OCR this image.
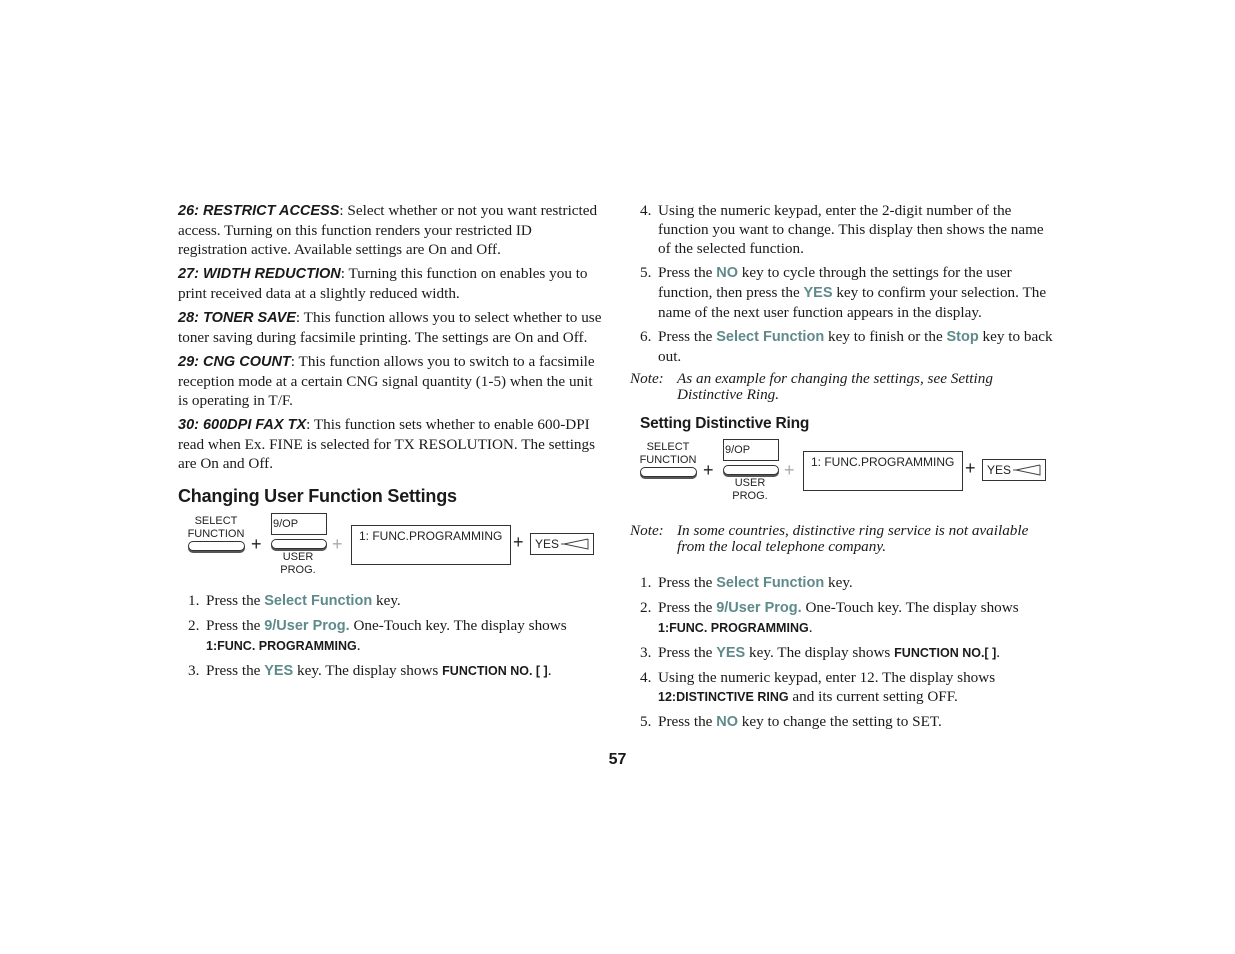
26: RESTRICT ACCESS: Select whether or not you want restricted access. Turning on this function renders your restricted ID registration active. Available settings are On and Off.

27: WIDTH REDUCTION: Turning this function on enables you to print received data at a slightly reduced width.

28: TONER SAVE: This function allows you to select whether to use toner saving during facsimile printing. The settings are On and Off.

29: CNG COUNT: This function allows you to switch to a facsimile reception mode at a certain CNG signal quantity (1-5) when the unit is operating in T/F.

30: 600DPI FAX TX: This function sets whether to enable 600-DPI read when Ex. FINE is selected for TX RESOLUTION. The settings are On and Off.

Changing User Function Settings
SELECT
FUNCTION +
9/OP
USER
PROG.
+ 1: FUNC.PROGRAMMING + YES
1. Press the Select Function key.
2. Press the 9/User Prog. One-Touch key. The display shows 1:FUNC. PROGRAMMING.
3. Press the YES key. The display shows FUNCTION NO. [ ].
4. Using the numeric keypad, enter the 2-digit number of the function you want to change. This display then shows the name of the selected function.
5. Press the NO key to cycle through the settings for the user function, then press the YES key to confirm your selection. The name of the next user function appears in the display.
6. Press the Select Function key to finish or the Stop key to back out.
Note: As an example for changing the settings, see Setting Distinctive Ring.
Setting Distinctive Ring
SELECT
FUNCTION +
9/OP
USER
PROG.
+ 1: FUNC.PROGRAMMING + YES
Note: In some countries, distinctive ring service is not available from the local telephone company.
1. Press the Select Function key.
2. Press the 9/User Prog. One-Touch key. The display shows 1:FUNC. PROGRAMMING.
3. Press the YES key. The display shows FUNCTION NO.[ ].
4. Using the numeric keypad, enter 12. The display shows 12:DISTINCTIVE RING and its current setting OFF.
5. Press the NO key to change the setting to SET.
57
